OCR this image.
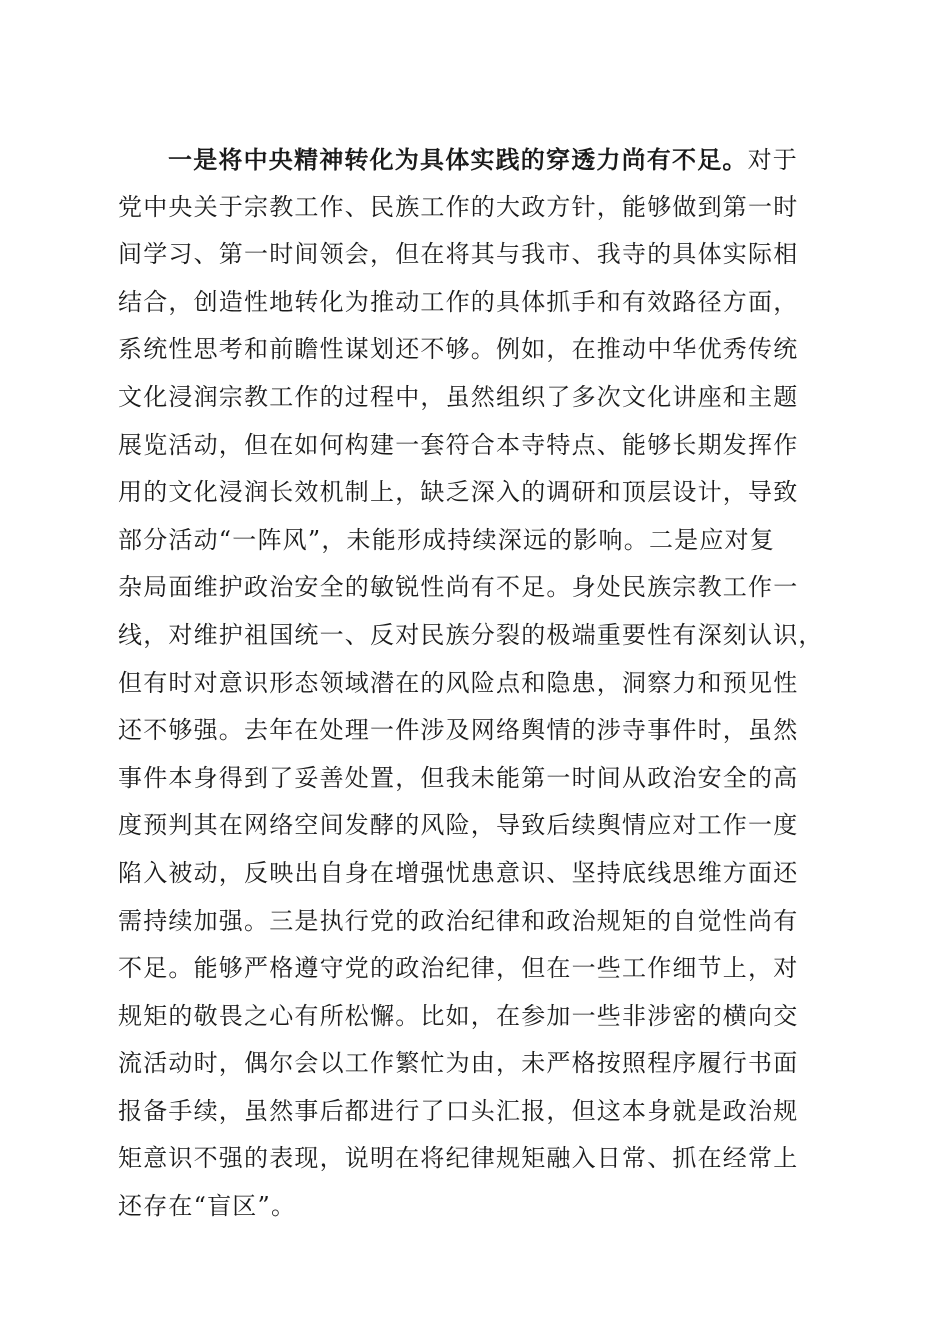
一是将中央精神转化为具体实践的穿透力尚有不足。对于
党中央关于宗教工作、民族工作的大政方针，能够做到第一时
间学习、第一时间领会，但在将其与我市、我寺的具体实际相
结合，创造性地转化为推动工作的具体抓手和有效路径方面，
系统性思考和前瞻性谋划还不够。例如，在推动中华优秀传统
文化浸润宗教工作的过程中，虽然组织了多次文化讲座和主题
展览活动，但在如何构建一套符合本寺特点、能够长期发挥作
用的文化浸润长效机制上，缺乏深入的调研和顶层设计，导致
部分活动“一阵风”，未能形成持续深远的影响。二是应对复
杂局面维护政治安全的敏锐性尚有不足。身处民族宗教工作一
线，对维护祖国统一、反对民族分裂的极端重要性有深刻认识，
但有时对意识形态领域潜在的风险点和隐患，洞察力和预见性
还不够强。去年在处理一件涉及网络舆情的涉寺事件时，虽然
事件本身得到了妥善处置，但我未能第一时间从政治安全的高
度预判其在网络空间发酵的风险，导致后续舆情应对工作一度
陷入被动，反映出自身在增强忧患意识、坚持底线思维方面还
需持续加强。三是执行党的政治纪律和政治规矩的自觉性尚有
不足。能够严格遵守党的政治纪律，但在一些工作细节上，对
规矩的敬畏之心有所松懈。比如，在参加一些非涉密的横向交
流活动时，偶尔会以工作繁忙为由，未严格按照程序履行书面
报备手续，虽然事后都进行了口头汇报，但这本身就是政治规
矩意识不强的表现，说明在将纪律规矩融入日常、抓在经常上
还存在“盲区”。
